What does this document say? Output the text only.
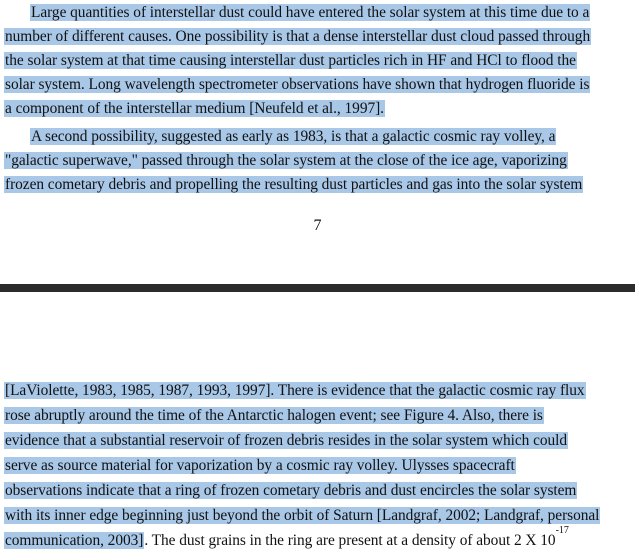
Large quantities of interstellar dust could have entered the solar system at this time due to a
number of different causes. One possibility is that a dense interstellar dust cloud passed through
the solar system at that time causing interstellar dust particles rich in HF and HCl to flood the
solar system. Long wavelength spectrometer observations have shown that hydrogen fluoride is
a component of the interstellar medium [Neufeld et al., 1997].
A second possibility, suggested as early as 1983, is that a galactic cosmic ray volley, a
"galactic superwave," passed through the solar system at the close of the ice age, vaporizing
frozen cometary debris and propelling the resulting dust particles and gas into the solar system
7
[LaViolette, 1983, 1985, 1987, 1993, 1997]. There is evidence that the galactic cosmic ray flux
rose abruptly around the time of the Antarctic halogen event; see Figure 4. Also, there is
evidence that a substantial reservoir of frozen debris resides in the solar system which could
serve as source material for vaporization by a cosmic ray volley. Ulysses spacecraft
observations indicate that a ring of frozen cometary debris and dust encircles the solar system
with its inner edge beginning just beyond the orbit of Saturn [Landgraf, 2002; Landgraf, personal
communication, 2003]. The dust grains in the ring are present at a density of about 2 X $10^{-17}$
